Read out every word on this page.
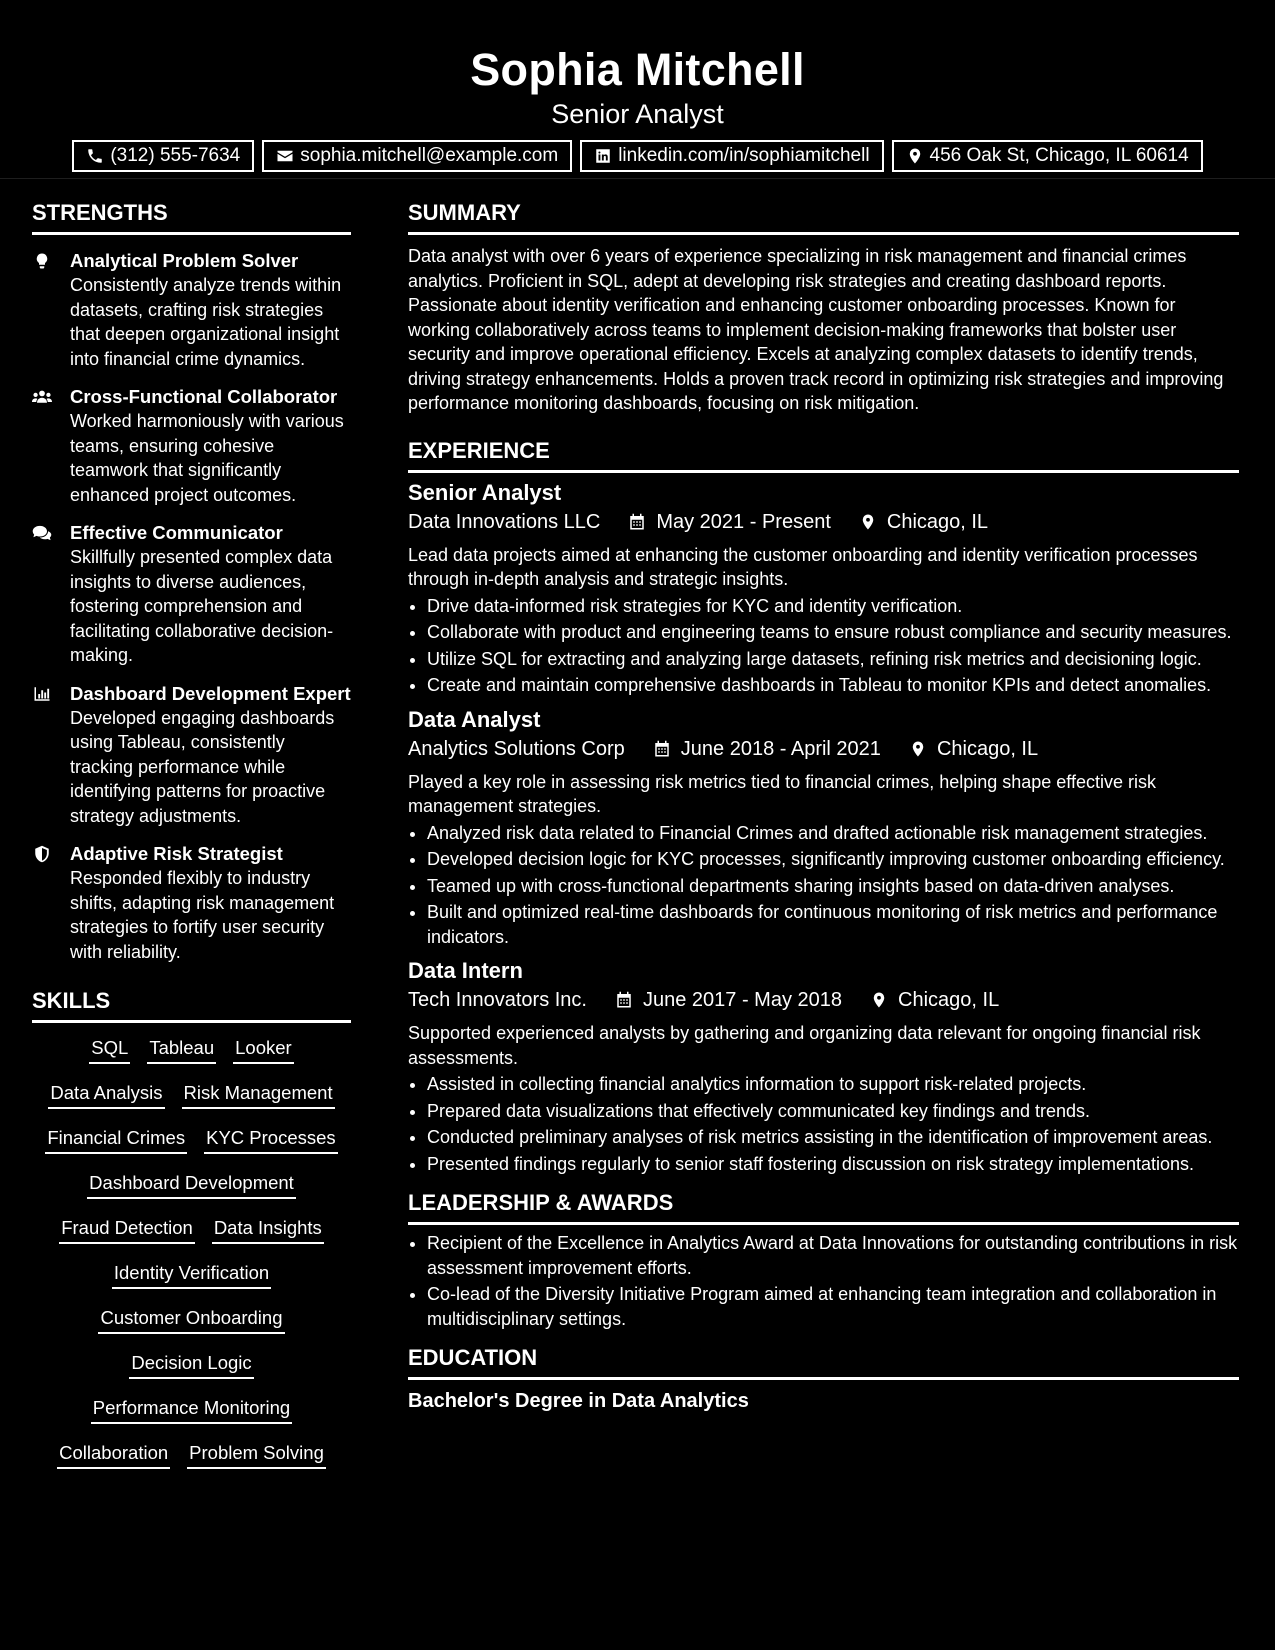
Sophia Mitchell
Senior Analyst
(312) 555-7634	sophia.mitchell@example.com	linkedin.com/in/sophiamitchell	456 Oak St, Chicago, IL 60614
STRENGTHS
Analytical Problem Solver
Consistently analyze trends within datasets, crafting risk strategies that deepen organizational insight into financial crime dynamics.
Cross-Functional Collaborator
Worked harmoniously with various teams, ensuring cohesive teamwork that significantly enhanced project outcomes.
Effective Communicator
Skillfully presented complex data insights to diverse audiences, fostering comprehension and facilitating collaborative decision-making.
Dashboard Development Expert
Developed engaging dashboards using Tableau, consistently tracking performance while identifying patterns for proactive strategy adjustments.
Adaptive Risk Strategist
Responded flexibly to industry shifts, adapting risk management strategies to fortify user security with reliability.
SKILLS
SQL Tableau Looker
Data Analysis Risk Management
Financial Crimes KYC Processes
Dashboard Development
Fraud Detection Data Insights
Identity Verification
Customer Onboarding
Decision Logic
Performance Monitoring
Collaboration Problem Solving
SUMMARY

Data analyst with over 6 years of experience specializing in risk management and financial crimes analytics. Proficient in SQL, adept at developing risk strategies and creating dashboard reports. Passionate about identity verification and enhancing customer onboarding processes. Known for working collaboratively across teams to implement decision-making frameworks that bolster user security and improve operational efficiency. Excels at analyzing complex datasets to identify trends, driving strategy enhancements. Holds a proven track record in optimizing risk strategies and improving performance monitoring dashboards, focusing on risk mitigation.

EXPERIENCE
Senior Analyst
Data Innovations LLC	May 2021 - Present	Chicago, IL

Lead data projects aimed at enhancing the customer onboarding and identity verification processes through in-depth analysis and strategic insights.

• Drive data-informed risk strategies for KYC and identity verification.
• Collaborate with product and engineering teams to ensure robust compliance and security measures.
• Utilize SQL for extracting and analyzing large datasets, refining risk metrics and decisioning logic.
• Create and maintain comprehensive dashboards in Tableau to monitor KPIs and detect anomalies.
Data Analyst
Analytics Solutions Corp	June 2018 - April 2021	Chicago, IL

Played a key role in assessing risk metrics tied to financial crimes, helping shape effective risk management strategies.

• Analyzed risk data related to Financial Crimes and drafted actionable risk management strategies.
• Developed decision logic for KYC processes, significantly improving customer onboarding efficiency.
• Teamed up with cross-functional departments sharing insights based on data-driven analyses.
• Built and optimized real-time dashboards for continuous monitoring of risk metrics and performance indicators.
Data Intern
Tech Innovators Inc.	June 2017 - May 2018	Chicago, IL

Supported experienced analysts by gathering and organizing data relevant for ongoing financial risk assessments.

• Assisted in collecting financial analytics information to support risk-related projects.
• Prepared data visualizations that effectively communicated key findings and trends.
• Conducted preliminary analyses of risk metrics assisting in the identification of improvement areas.
• Presented findings regularly to senior staff fostering discussion on risk strategy implementations.
LEADERSHIP & AWARDS
• Recipient of the Excellence in Analytics Award at Data Innovations for outstanding contributions in risk assessment improvement efforts.
• Co-lead of the Diversity Initiative Program aimed at enhancing team integration and collaboration in multidisciplinary settings.
EDUCATION
Bachelor's Degree in Data Analytics
